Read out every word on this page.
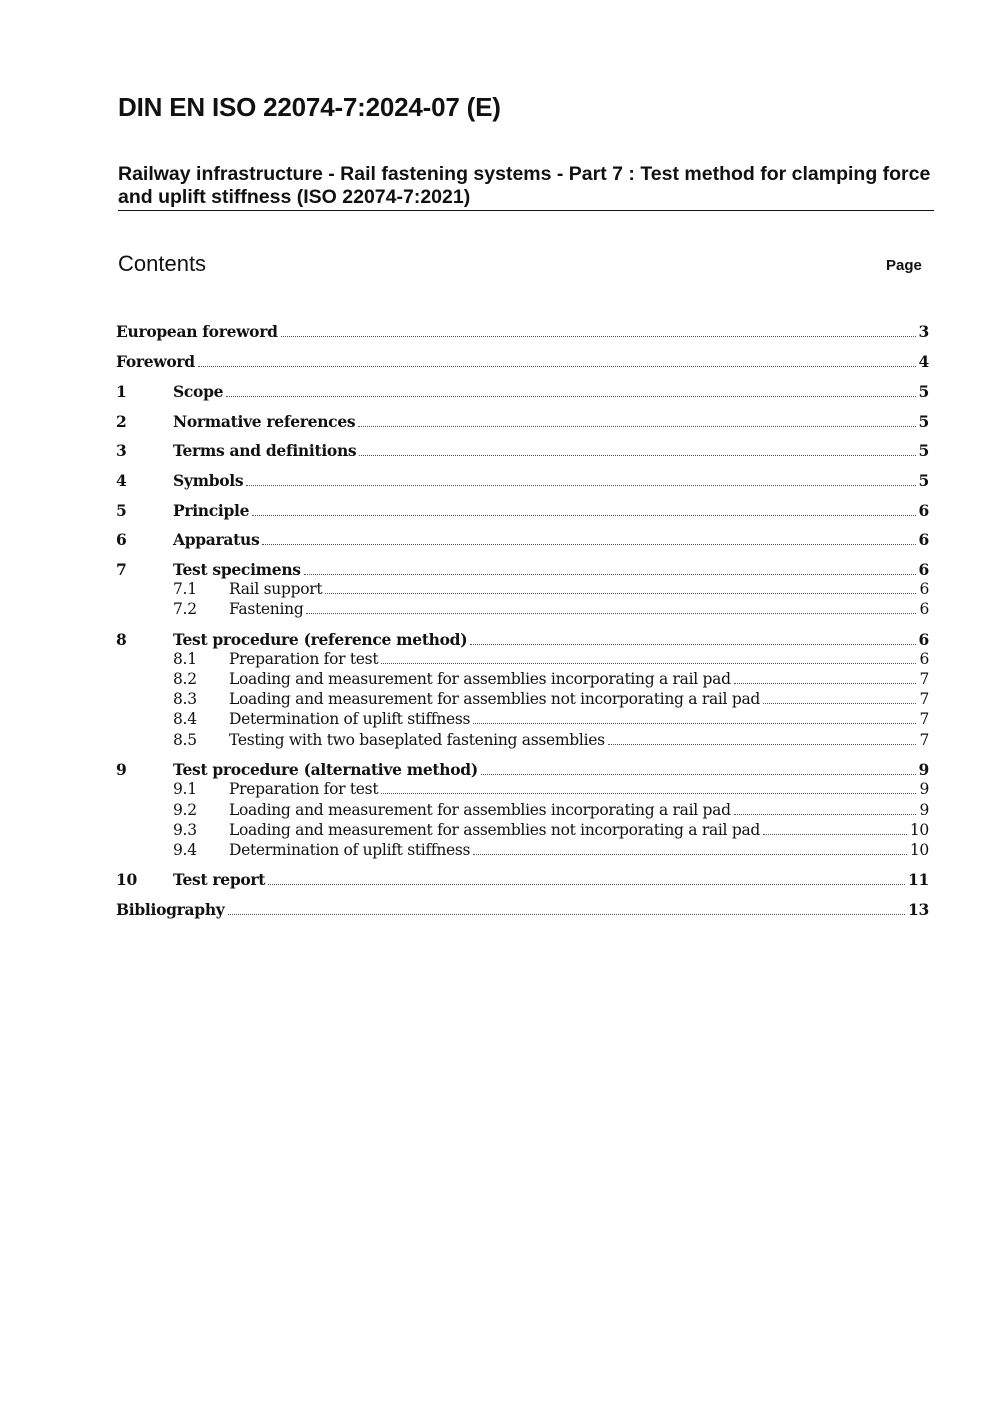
DIN EN ISO 22074-7:2024-07 (E)
Railway infrastructure - Rail fastening systems - Part 7 : Test method for clamping force and uplift stiffness (ISO 22074-7:2021)
Contents	Page
European foreword	3
Foreword	4
1	Scope	5
2	Normative references	5
3	Terms and definitions	5
4	Symbols	5
5	Principle	6
6	Apparatus	6
7	Test specimens	6
7.1	Rail support	6
7.2	Fastening	6
8	Test procedure (reference method)	6
8.1	Preparation for test	6
8.2	Loading and measurement for assemblies incorporating a rail pad	7
8.3	Loading and measurement for assemblies not incorporating a rail pad	7
8.4	Determination of uplift stiffness	7
8.5	Testing with two baseplated fastening assemblies	7
9	Test procedure (alternative method)	9
9.1	Preparation for test	9
9.2	Loading and measurement for assemblies incorporating a rail pad	9
9.3	Loading and measurement for assemblies not incorporating a rail pad	10
9.4	Determination of uplift stiffness	10
10	Test report	11
Bibliography	13
